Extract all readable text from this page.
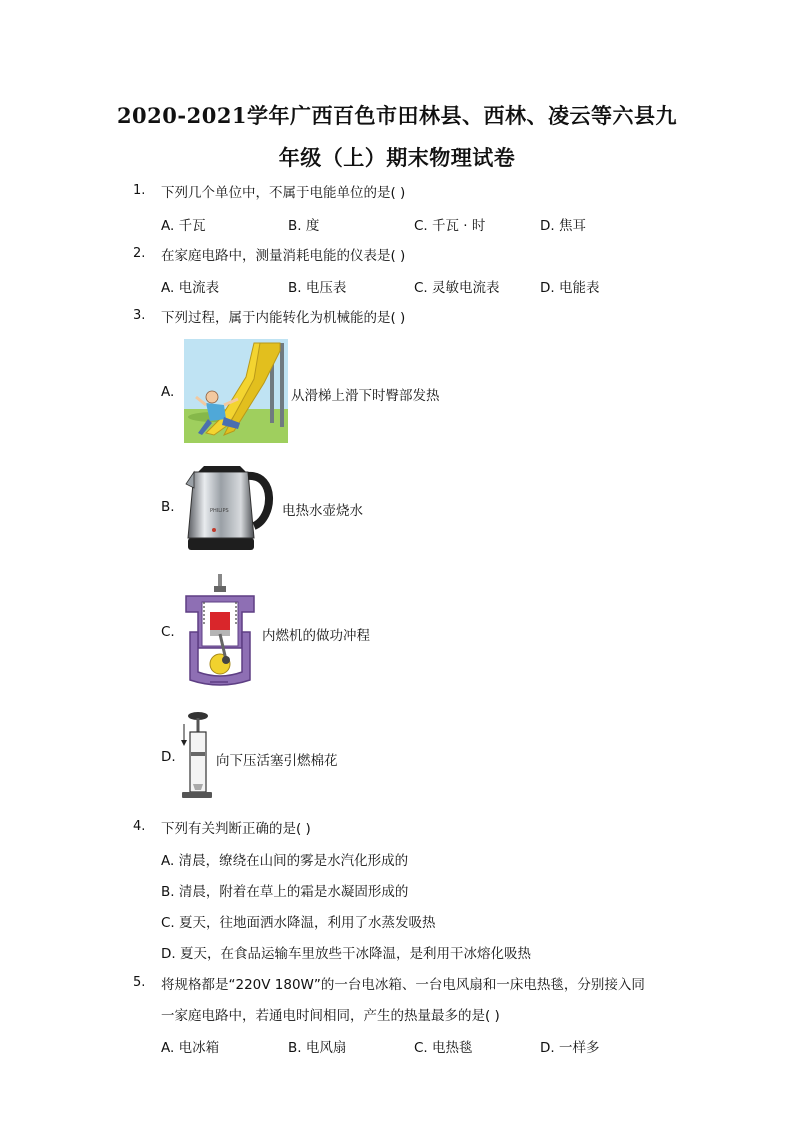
2020-2021学年广西百色市田林县、西林、凌云等六县九
年级（上）期末物理试卷
1. 下列几个单位中，不属于电能单位的是( )
A. 千瓦	B. 度	C. 千瓦 · 时	D. 焦耳
2. 在家庭电路中，测量消耗电能的仪表是( )
A. 电流表	B. 电压表	C. 灵敏电流表	D. 电能表
3. 下列过程，属于内能转化为机械能的是( )
A.	从滑梯上滑下时臀部发热
B.	PHILIPS	电热水壶烧水
C.	内燃机的做功冲程
D.	向下压活塞引燃棉花
4. 下列有关判断正确的是( )
A. 清晨，缭绕在山间的雾是水汽化形成的
B. 清晨，附着在草上的霜是水凝固形成的
C. 夏天，往地面洒水降温，利用了水蒸发吸热
D. 夏天，在食品运输车里放些干冰降温，是利用干冰熔化吸热
5. 将规格都是“220V 180W”的一台电冰箱、一台电风扇和一床电热毯，分别接入同
一家庭电路中，若通电时间相同，产生的热量最多的是( )
A. 电冰箱	B. 电风扇	C. 电热毯	D. 一样多
